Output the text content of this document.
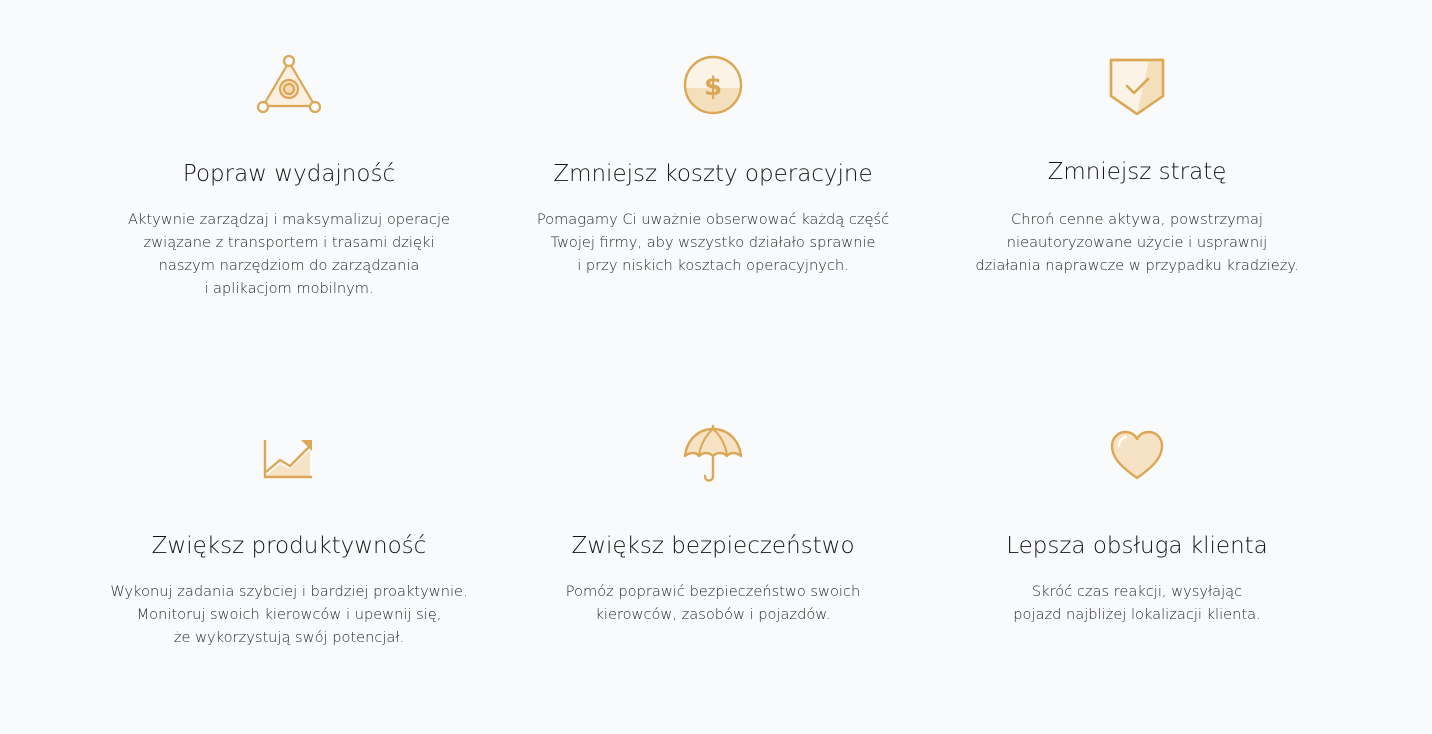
Popraw wydajność

Aktywnie zarządzaj i maksymalizuj operacje
związane z transportem i trasami dzięki
naszym narzędziom do zarządzania
i aplikacjom mobilnym.

$
Zmniejsz koszty operacyjne

Pomagamy Ci uważnie obserwować każdą część
Twojej firmy, aby wszystko działało sprawnie
i przy niskich kosztach operacyjnych.

Zmniejsz stratę

Chroń cenne aktywa, powstrzymaj
nieautoryzowane użycie i usprawnij
działania naprawcze w przypadku kradzieży.

Zwiększ produktywność

Wykonuj zadania szybciej i bardziej proaktywnie.
Monitoruj swoich kierowców i upewnij się,
że wykorzystują swój potencjał.

Zwiększ bezpieczeństwo

Pomóż poprawić bezpieczeństwo swoich
kierowców, zasobów i pojazdów.

Lepsza obsługa klienta

Skróć czas reakcji, wysyłając
pojazd najbliżej lokalizacji klienta.
